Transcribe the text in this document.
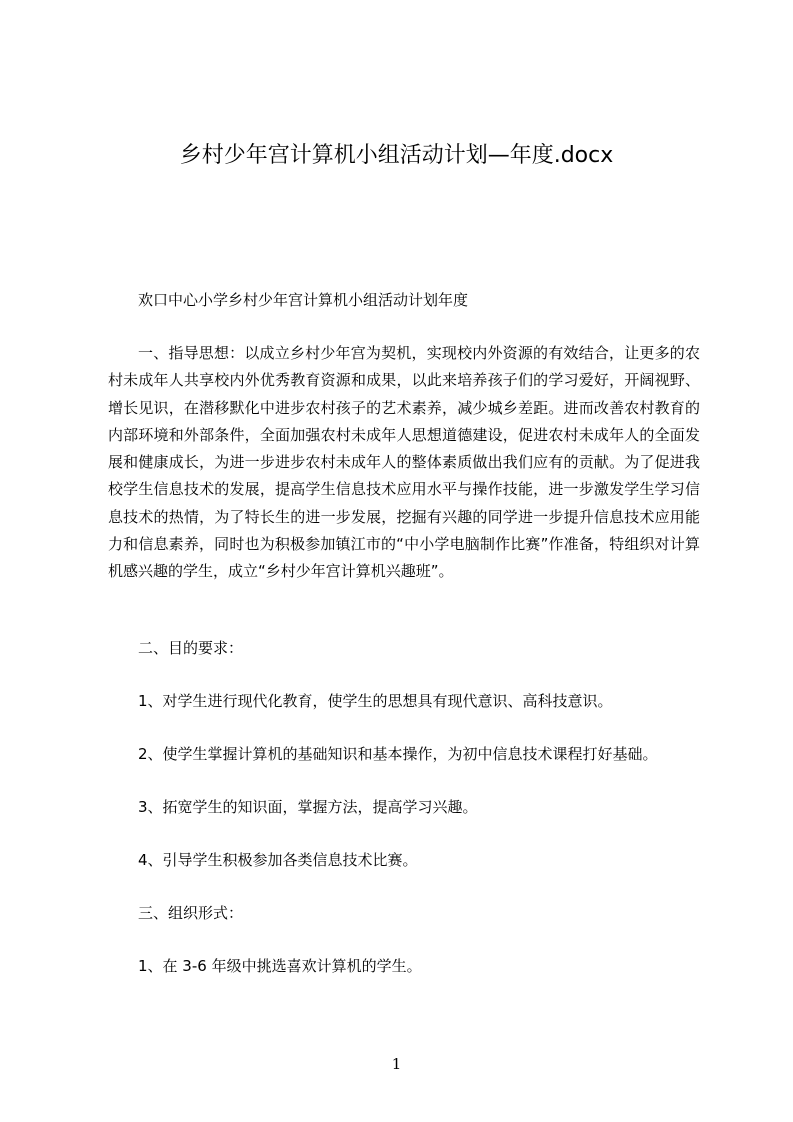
乡村少年宫计算机小组活动计划—年度.docx
欢口中心小学乡村少年宫计算机小组活动计划年度

一、指导思想：以成立乡村少年宫为契机，实现校内外资源的有效结合，让更多的农村未成年人共享校内外优秀教育资源和成果，以此来培养孩子们的学习爱好，开阔视野、增长见识，在潜移默化中进步农村孩子的艺术素养，减少城乡差距。进而改善农村教育的内部环境和外部条件，全面加强农村未成年人思想道德建设，促进农村未成年人的全面发展和健康成长，为进一步进步农村未成年人的整体素质做出我们应有的贡献。为了促进我校学生信息技术的发展，提高学生信息技术应用水平与操作技能，进一步激发学生学习信息技术的热情，为了特长生的进一步发展，挖掘有兴趣的同学进一步提升信息技术应用能力和信息素养，同时也为积极参加镇江市的“中小学电脑制作比赛”作准备，特组织对计算机感兴趣的学生，成立“乡村少年宫计算机兴趣班”。

二、目的要求：
1、对学生进行现代化教育，使学生的思想具有现代意识、高科技意识。
2、使学生掌握计算机的基础知识和基本操作，为初中信息技术课程打好基础。
3、拓宽学生的知识面，掌握方法，提高学习兴趣。
4、引导学生积极参加各类信息技术比赛。
三、组织形式：
1、在 3-6 年级中挑选喜欢计算机的学生。
1
